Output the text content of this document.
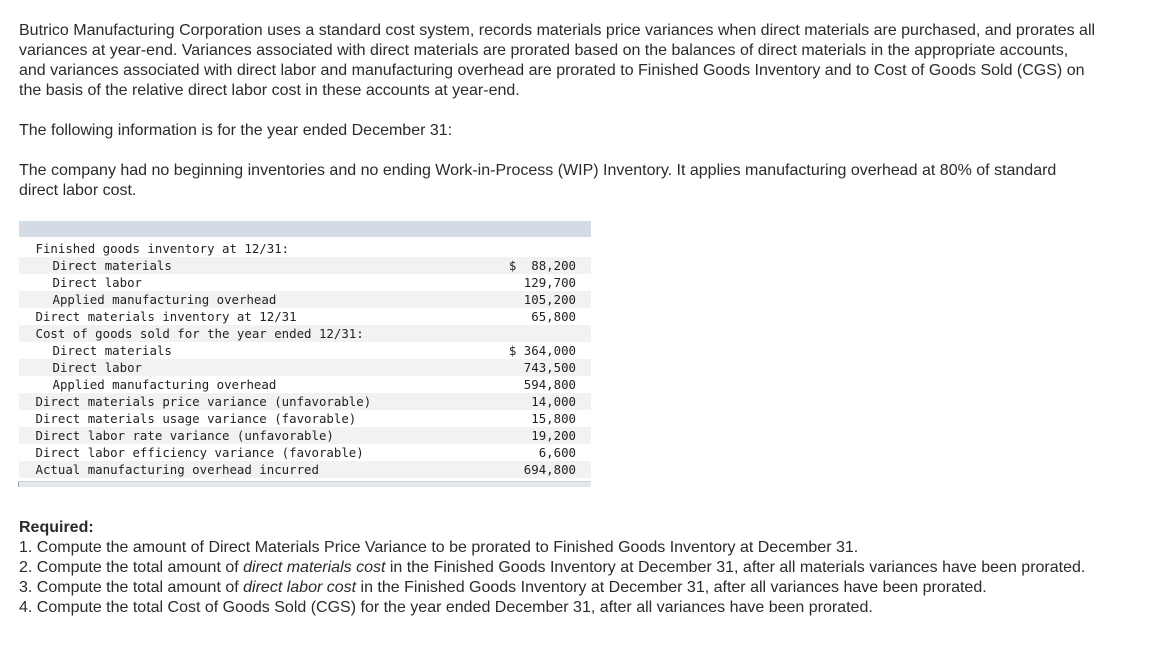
Butrico Manufacturing Corporation uses a standard cost system, records materials price variances when direct materials are purchased, and prorates all variances at year-end. Variances associated with direct materials are prorated based on the balances of direct materials in the appropriate accounts, and variances associated with direct labor and manufacturing overhead are prorated to Finished Goods Inventory and to Cost of Goods Sold (CGS) on the basis of the relative direct labor cost in these accounts at year-end.

The following information is for the year ended December 31:

The company had no beginning inventories and no ending Work-in-Process (WIP) Inventory. It applies manufacturing overhead at 80% of standard direct labor cost.

Finished goods inventory at 12/31:	
Direct materials	$  88,200
Direct labor	129,700
Applied manufacturing overhead	105,200
Direct materials inventory at 12/31	65,800
Cost of goods sold for the year ended 12/31:	
Direct materials	$ 364,000
Direct labor	743,500
Applied manufacturing overhead	594,800
Direct materials price variance (unfavorable)	14,000
Direct materials usage variance (favorable)	15,800
Direct labor rate variance (unfavorable)	19,200
Direct labor efficiency variance (favorable)	6,600
Actual manufacturing overhead incurred	694,800

Required:

1. Compute the amount of Direct Materials Price Variance to be prorated to Finished Goods Inventory at December 31.
2. Compute the total amount of direct materials cost in the Finished Goods Inventory at December 31, after all materials variances have been prorated.
3. Compute the total amount of direct labor cost in the Finished Goods Inventory at December 31, after all variances have been prorated.
4. Compute the total Cost of Goods Sold (CGS) for the year ended December 31, after all variances have been prorated.
